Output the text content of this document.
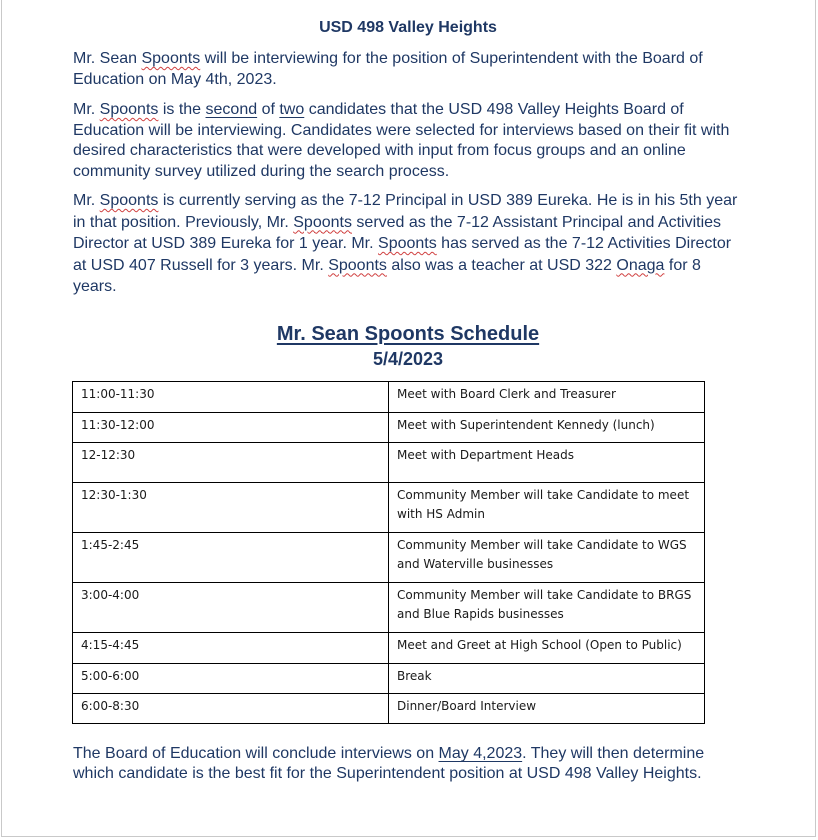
USD 498 Valley Heights

Mr. Sean Spoonts will be interviewing for the position of Superintendent with the Board of Education on May 4th, 2023.

Mr. Spoonts is the second of two candidates that the USD 498 Valley Heights Board of Education will be interviewing. Candidates were selected for interviews based on their fit with desired characteristics that were developed with input from focus groups and an online community survey utilized during the search process.

Mr. Spoonts is currently serving as the 7-12 Principal in USD 389 Eureka. He is in his 5th year in that position. Previously, Mr. Spoonts served as the 7-12 Assistant Principal and Activities Director at USD 389 Eureka for 1 year. Mr. Spoonts has served as the 7-12 Activities Director at USD 407 Russell for 3 years. Mr. Spoonts also was a teacher at USD 322 Onaga for 8 years.

Mr. Sean Spoonts Schedule
5/4/2023

The Board of Education will conclude interviews on May 4,2023. They will then determine which candidate is the best fit for the Superintendent position at USD 498 Valley Heights.

11:00-11:30	Meet with Board Clerk and Treasurer
11:30-12:00	Meet with Superintendent Kennedy (lunch)
12-12:30	Meet with Department Heads
12:30-1:30	Community Member will take Candidate to meet with HS Admin
1:45-2:45	Community Member will take Candidate to WGS and Waterville businesses
3:00-4:00	Community Member will take Candidate to BRGS and Blue Rapids businesses
4:15-4:45	Meet and Greet at High School (Open to Public)
5:00-6:00	Break
6:00-8:30	Dinner/Board Interview
